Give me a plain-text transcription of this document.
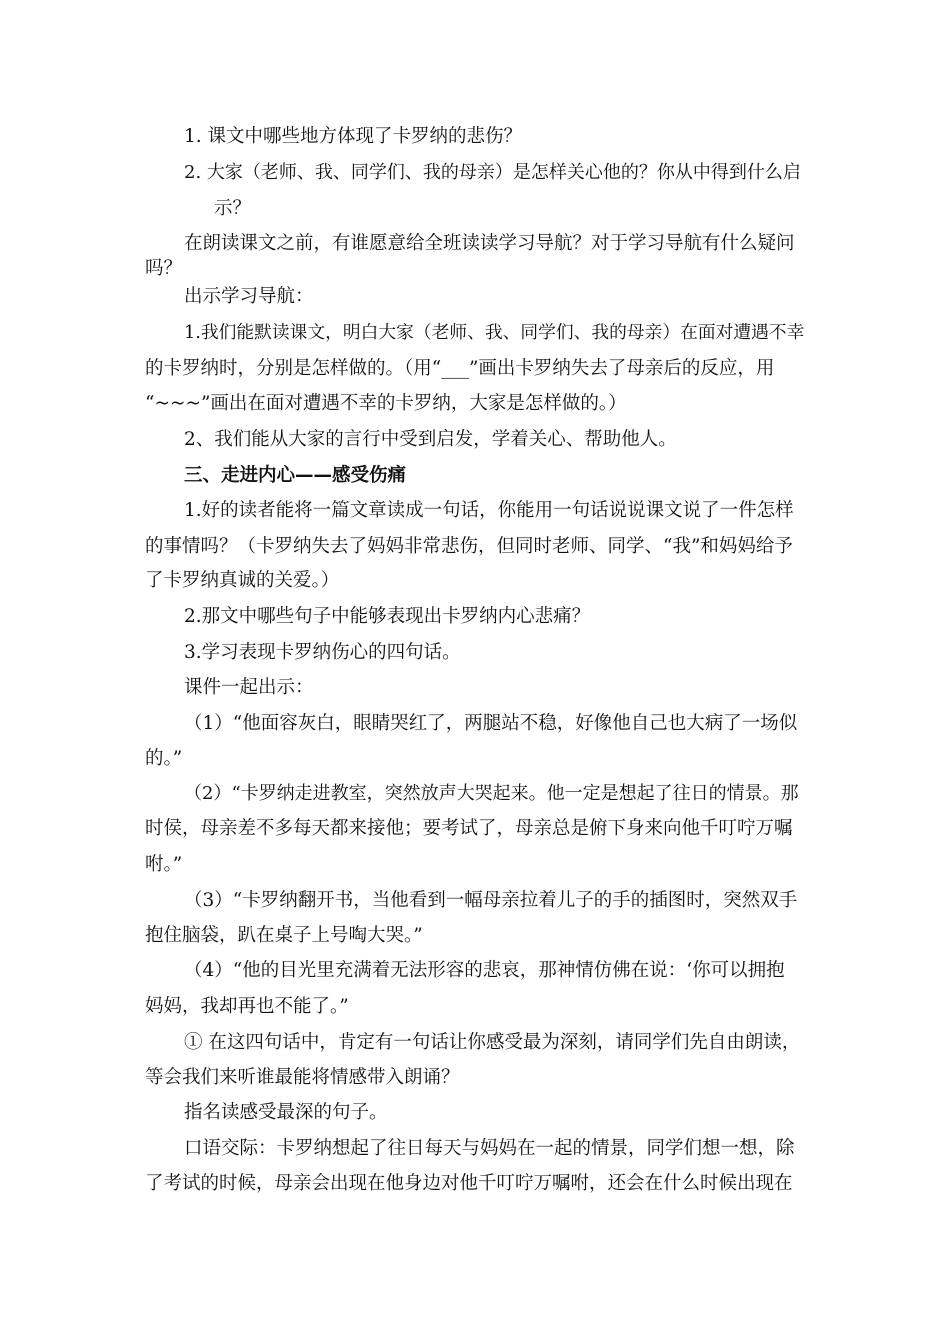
1. 课文中哪些地方体现了卡罗纳的悲伤？
2. 大家（老师、我、同学们、我的母亲）是怎样关心他的？你从中得到什么启
示？
在朗读课文之前，有谁愿意给全班读读学习导航？对于学习导航有什么疑问
吗？
出示学习导航：
1.我们能默读课文，明白大家（老师、我、同学们、我的母亲）在面对遭遇不幸
的卡罗纳时，分别是怎样做的。（用“___”画出卡罗纳失去了母亲后的反应，用
“~~~”画出在面对遭遇不幸的卡罗纳，大家是怎样做的。）
2、我们能从大家的言行中受到启发，学着关心、帮助他人。
三、走进内心——感受伤痛
1.好的读者能将一篇文章读成一句话，你能用一句话说说课文说了一件怎样
的事情吗？（卡罗纳失去了妈妈非常悲伤，但同时老师、同学、“我”和妈妈给予
了卡罗纳真诚的关爱。）
2.那文中哪些句子中能够表现出卡罗纳内心悲痛？
3.学习表现卡罗纳伤心的四句话。
课件一起出示：
（1）“他面容灰白，眼睛哭红了，两腿站不稳，好像他自己也大病了一场似
的。”
（2）“卡罗纳走进教室，突然放声大哭起来。他一定是想起了往日的情景。那
时侯，母亲差不多每天都来接他；要考试了，母亲总是俯下身来向他千叮咛万嘱
咐。”
（3）“卡罗纳翻开书，当他看到一幅母亲拉着儿子的手的插图时，突然双手
抱住脑袋，趴在桌子上号啕大哭。”
（4）“他的目光里充满着无法形容的悲哀，那神情仿佛在说：‘你可以拥抱
妈妈，我却再也不能了。”
① 在这四句话中，肯定有一句话让你感受最为深刻，请同学们先自由朗读，
等会我们来听谁最能将情感带入朗诵？
指名读感受最深的句子。
口语交际：卡罗纳想起了往日每天与妈妈在一起的情景，同学们想一想，除
了考试的时候，母亲会出现在他身边对他千叮咛万嘱咐，还会在什么时候出现在
